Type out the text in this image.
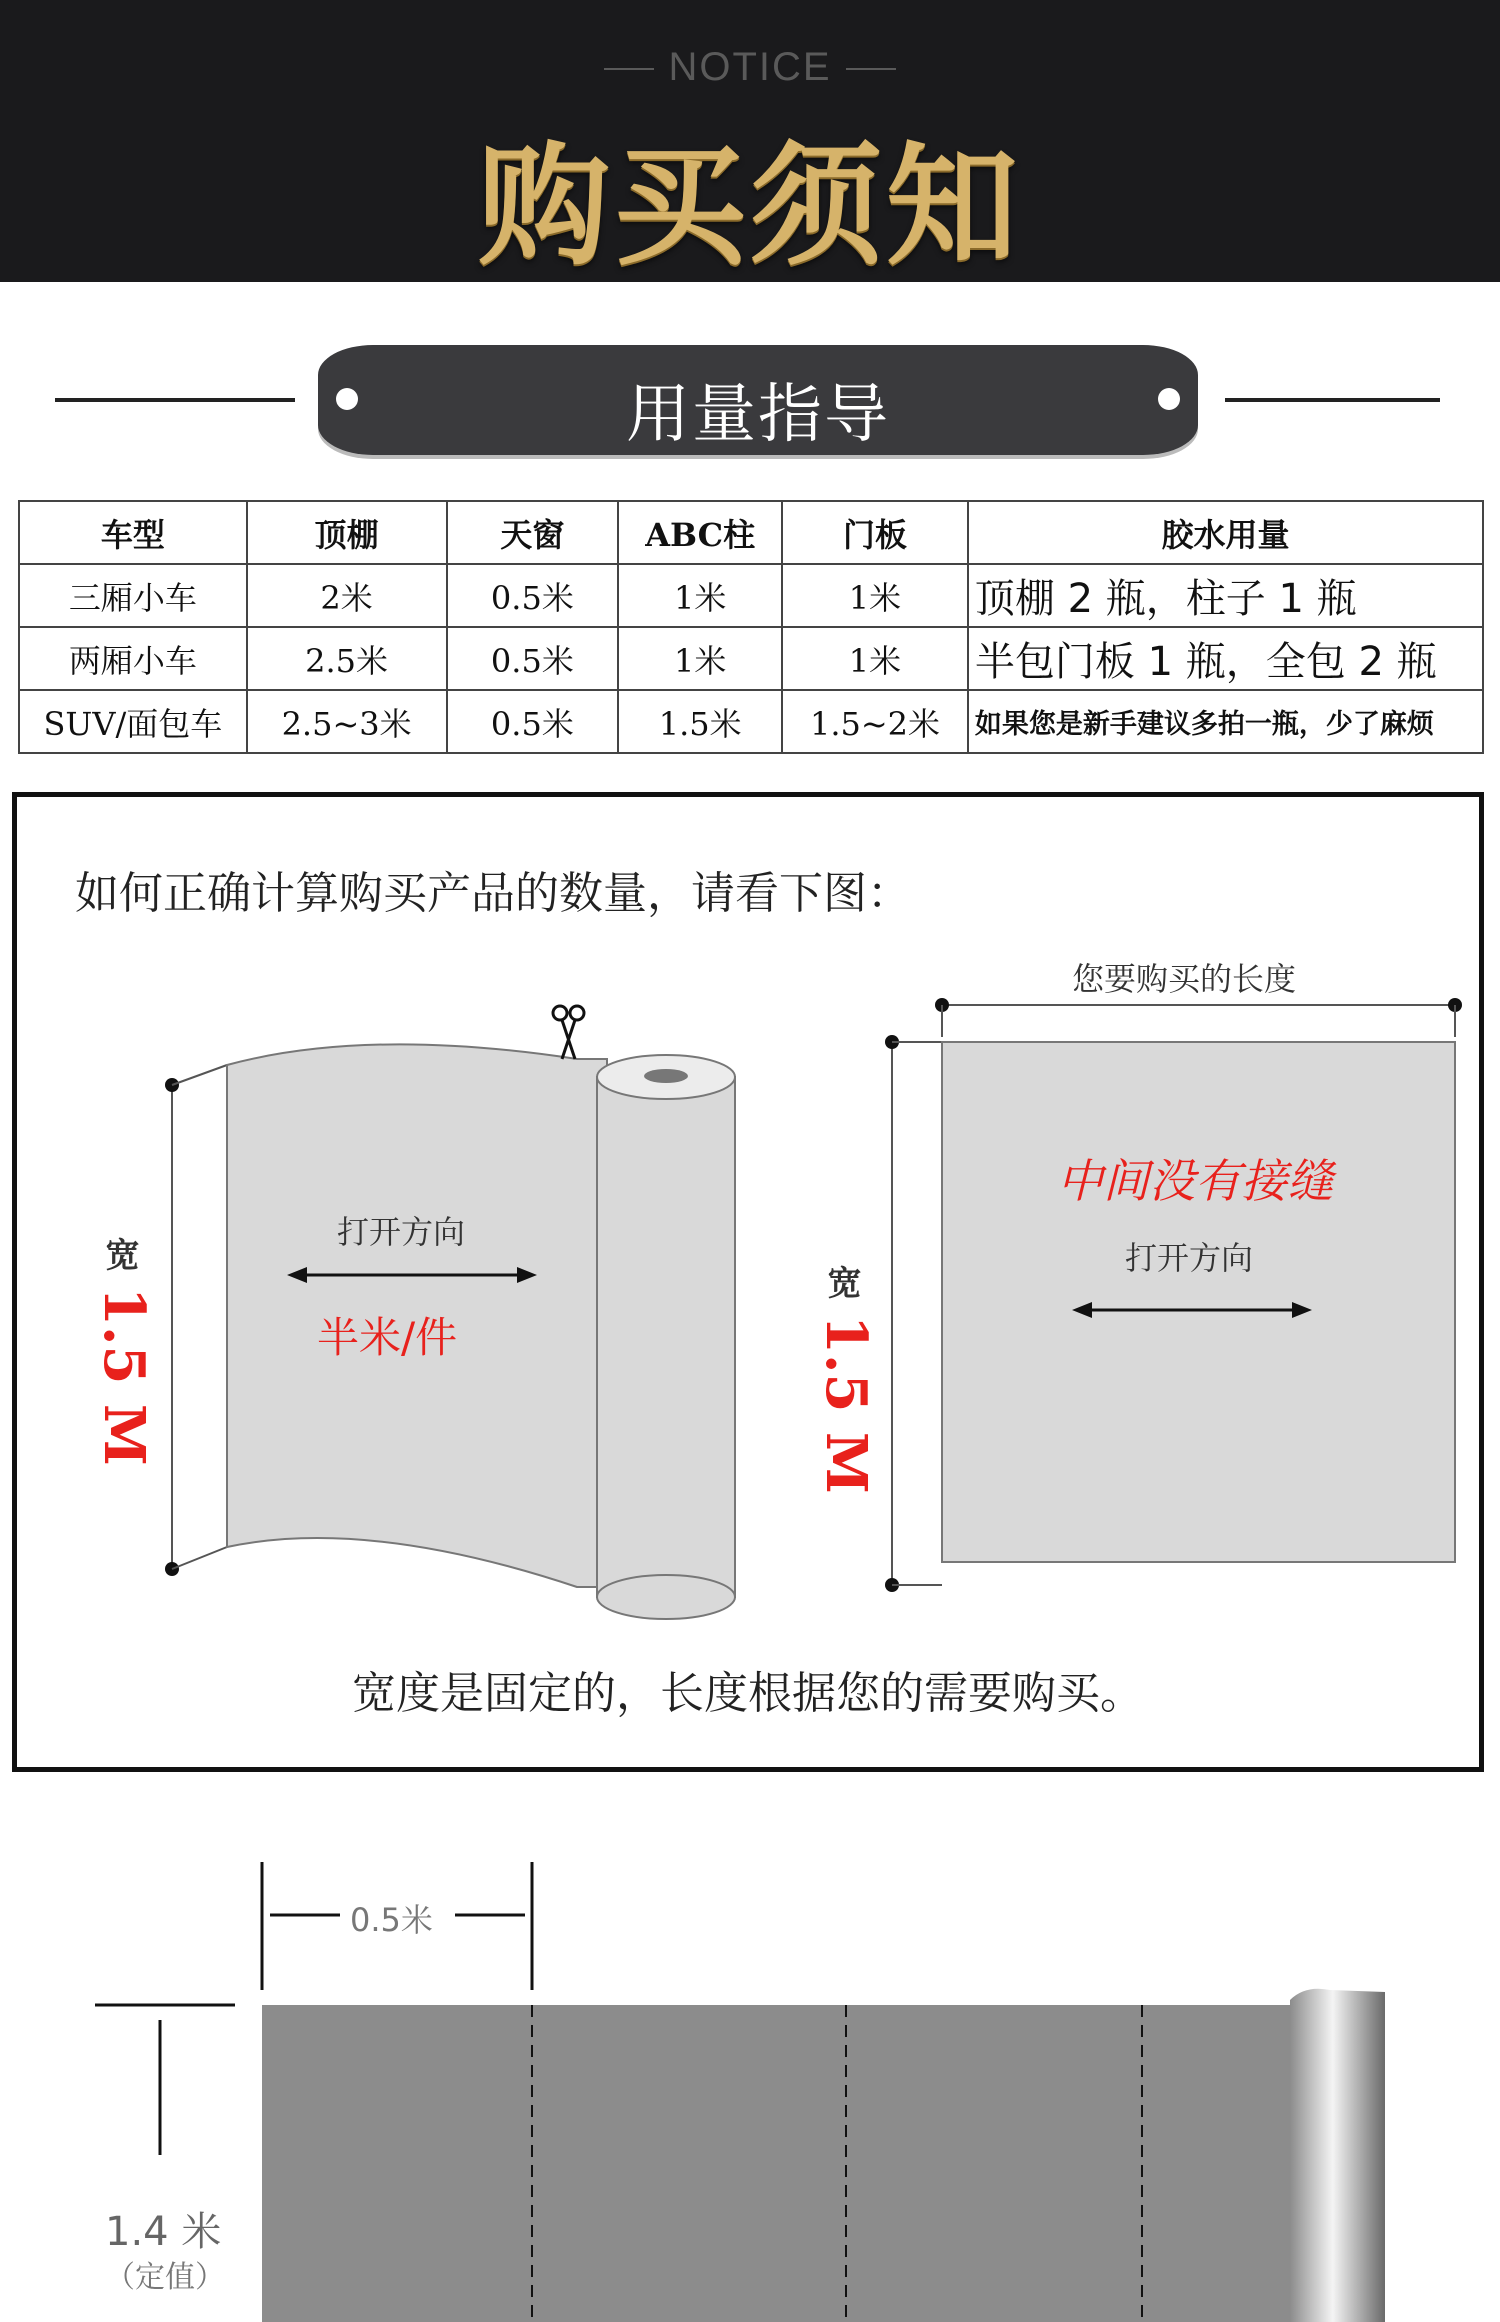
NOTICE
购买须知
用量指导
车型	顶棚	天窗	ABC柱	门板	胶水用量
三厢小车	2米	0.5米	1米	1米	顶棚 2 瓶，柱子 1 瓶
两厢小车	2.5米	0.5米	1米	1米	半包门板 1 瓶，全包 2 瓶
SUV/面包车	2.5~3米	0.5米	1.5米	1.5~2米	如果您是新手建议多拍一瓶，少了麻烦
如何正确计算购买产品的数量，请看下图：
打开方向
半米/件
宽
1.5 M
您要购买的长度
中间没有接缝
打开方向
宽
1.5 M
宽度是固定的，长度根据您的需要购买。
0.5米
1.4 米
（定值）
